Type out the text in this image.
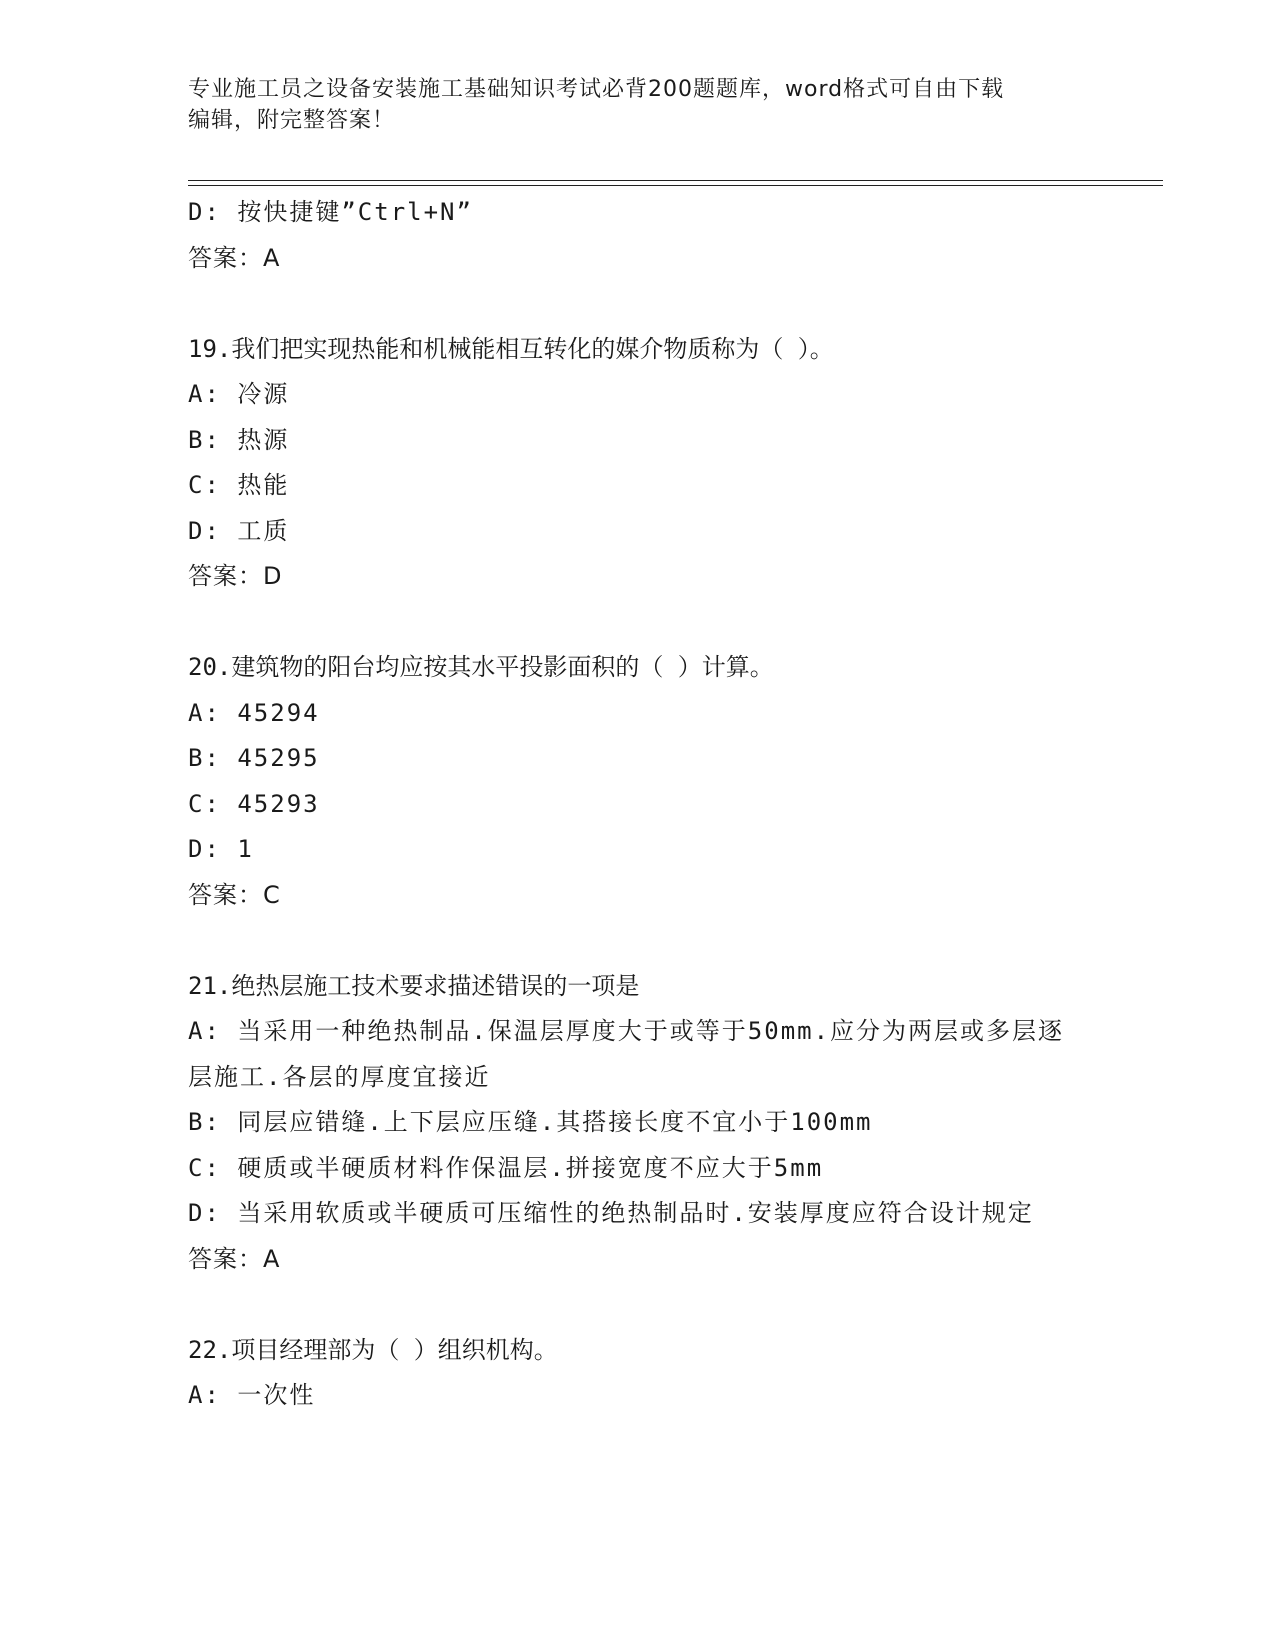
专业施工员之设备安装施工基础知识考试必背200题题库，word格式可自由下载
编辑，附完整答案！
D: 按快捷键”Ctrl+N”
答案：A
19.我们把实现热能和机械能相互转化的媒介物质称为（ ）。
A: 冷源
B: 热源
C: 热能
D: 工质
答案：D
20.建筑物的阳台均应按其水平投影面积的（ ）计算。
A: 45294
B: 45295
C: 45293
D: 1
答案：C
21.绝热层施工技术要求描述错误的一项是
A: 当采用一种绝热制品.保温层厚度大于或等于50mm.应分为两层或多层逐层施工.各层的厚度宜接近
B: 同层应错缝.上下层应压缝.其搭接长度不宜小于100mm
C: 硬质或半硬质材料作保温层.拼接宽度不应大于5mm
D: 当采用软质或半硬质可压缩性的绝热制品时.安装厚度应符合设计规定
答案：A
22.项目经理部为（ ）组织机构。
A: 一次性
